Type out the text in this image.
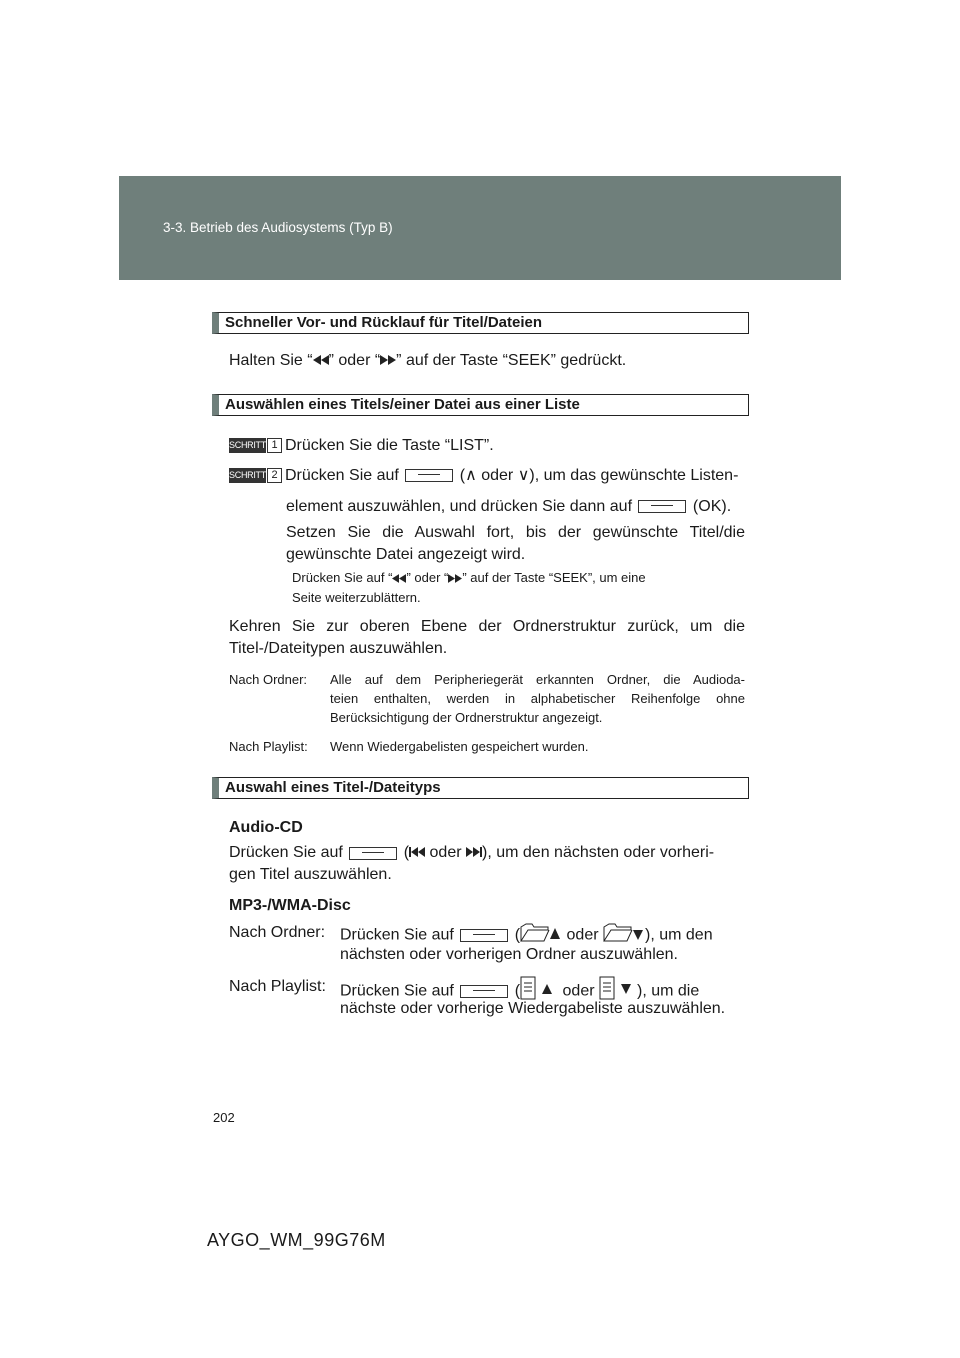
3-3. Betrieb des Audiosystems (Typ B)
Schneller Vor- und Rücklauf für Titel/Dateien
Halten Sie “ ” oder “ ” auf der Taste “SEEK” gedrückt.
Auswählen eines Titels/einer Datei aus einer Liste
SCHRITT 1 Drücken Sie die Taste “LIST”.
SCHRITT 2 Drücken Sie auf	(∧ oder ∨), um das gewünschte Listen-
element auszuwählen, und drücken Sie dann auf	(OK).
Setzen Sie die Auswahl fort, bis der gewünschte Titel/die
gewünschte Datei angezeigt wird.
Drücken Sie auf “ ” oder “ ” auf der Taste “SEEK”, um eine
Seite weiterzublättern.
Kehren Sie zur oberen Ebene der Ordnerstruktur zurück, um die
Titel-/Dateitypen auszuwählen.
Nach Ordner: Alle auf dem Peripheriegerät erkannten Ordner, die Audioda-
teien enthalten, werden in alphabetischer Reihenfolge ohne
Berücksichtigung der Ordnerstruktur angezeigt.
Nach Playlist: Wenn Wiedergabelisten gespeichert wurden.
Auswahl eines Titel-/Dateityps
Audio-CD
Drücken Sie auf	( oder ), um den nächsten oder vorheri-
gen Titel auszuwählen.
MP3-/WMA-Disc
Nach Ordner: Drücken Sie auf	(	oder	), um den
nächsten oder vorherigen Ordner auszuwählen.
Nach Playlist: Drücken Sie auf	(	oder	), um die
nächste oder vorherige Wiedergabeliste auszuwählen.
202
AYGO_WM_99G76M
